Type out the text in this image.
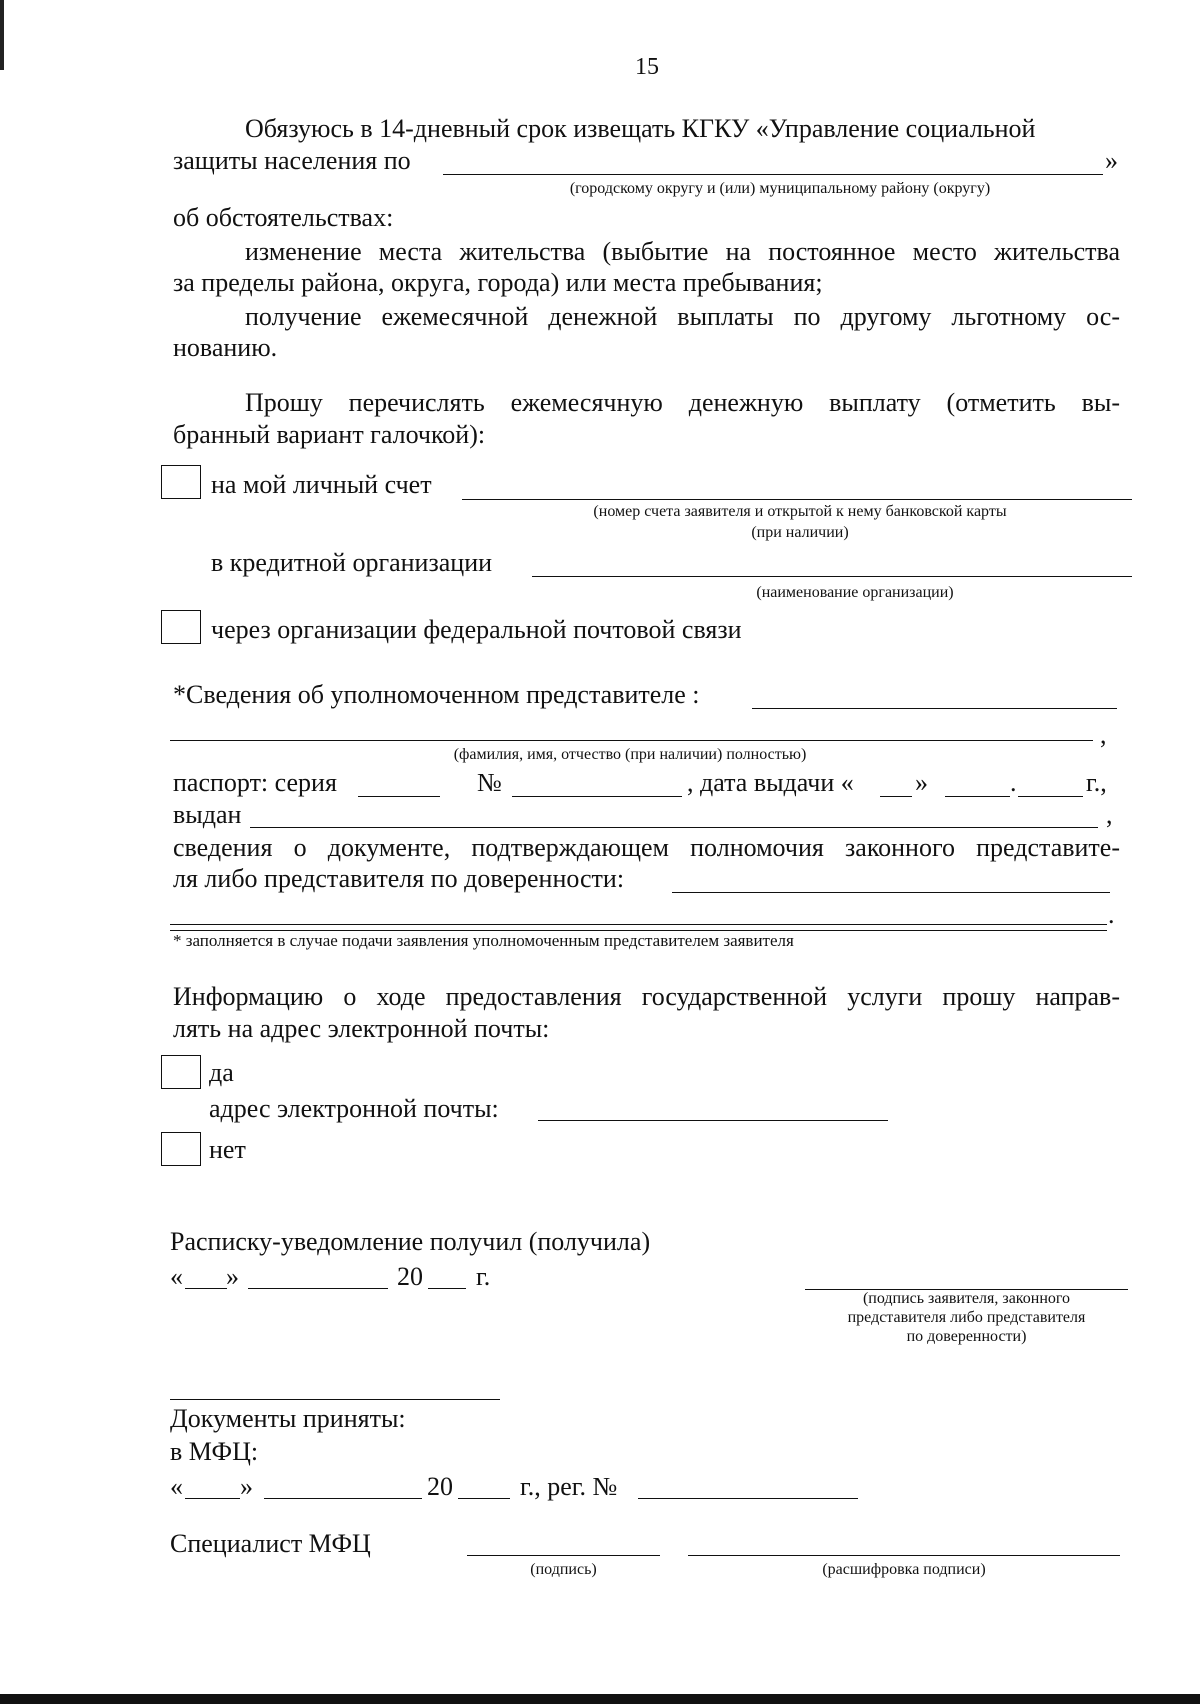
15
Обязуюсь в 14-дневный срок извещать КГКУ «Управление социальной
защиты населения по	»
(городскому округу и (или) муниципальному району (округу)
об обстоятельствах:
изменение места жительства (выбытие на постоянное место жительства
за пределы района, округа, города) или места пребывания;
получение ежемесячной денежной выплаты по другому льготному ос-
нованию.
Прошу перечислять ежемесячную денежную выплату (отметить вы-
бранный вариант галочкой):
на мой личный счет
(номер счета заявителя и открытой к нему банковской карты
(при наличии)
в кредитной организации
(наименование организации)
через организации федеральной почтовой связи
*Сведения об уполномоченном представителе :
,
(фамилия, имя, отчество (при наличии) полностью)
паспорт: серия	№	, дата выдачи « »	.	г.,
выдан	,
сведения о документе, подтверждающем полномочия законного представите-
ля либо представителя по доверенности:
.
* заполняется в случае подачи заявления уполномоченным представителем заявителя
Информацию о ходе предоставления государственной услуги прошу направ-
лять на адрес электронной почты:
да
адрес электронной почты:
нет
Расписку-уведомление получил (получила)
« »	20 г.
(подпись заявителя, законного
представителя либо представителя
по доверенности)
Документы приняты:
в МФЦ:
« »	20	г., рег. №
Специалист МФЦ
(подпись)	(расшифровка подписи)
